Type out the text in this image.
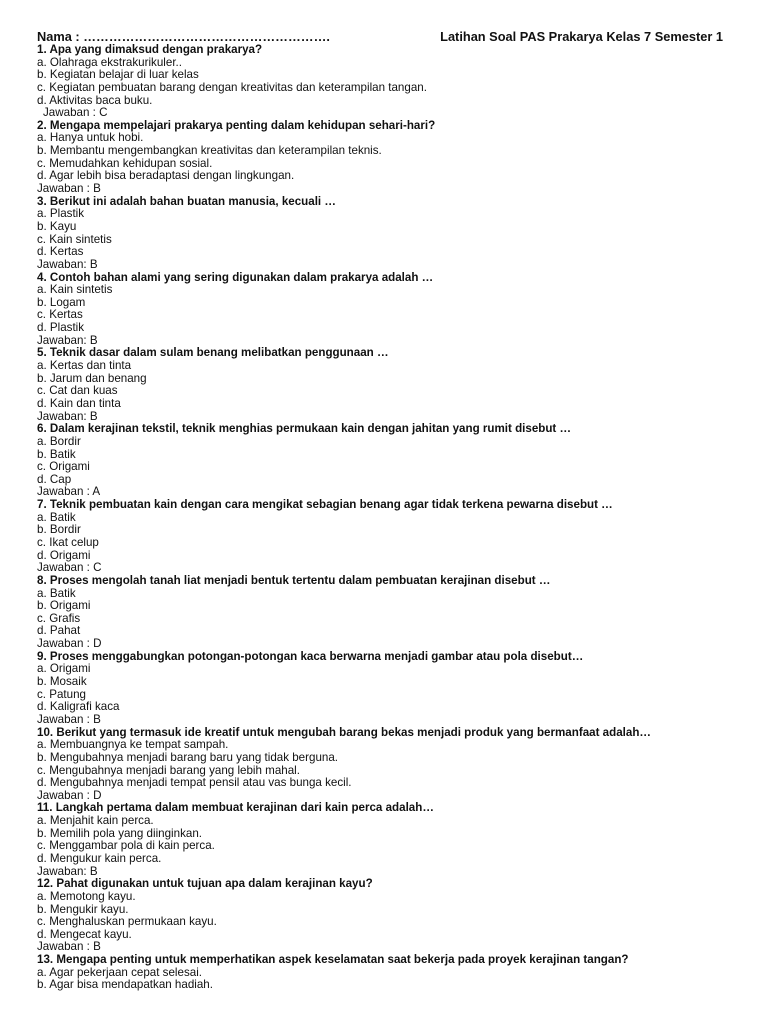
Nama : ………………………………………………….	Latihan Soal PAS Prakarya Kelas 7 Semester 1
1. Apa yang dimaksud dengan prakarya?
a. Olahraga ekstrakurikuler..
b. Kegiatan belajar di luar kelas
c. Kegiatan pembuatan barang dengan kreativitas dan keterampilan tangan.
d. Aktivitas baca buku.
Jawaban : C
2. Mengapa mempelajari prakarya penting dalam kehidupan sehari-hari?
a. Hanya untuk hobi.
b. Membantu mengembangkan kreativitas dan keterampilan teknis.
c. Memudahkan kehidupan sosial.
d. Agar lebih bisa beradaptasi dengan lingkungan.
Jawaban : B
3. Berikut ini adalah bahan buatan manusia, kecuali …
a. Plastik
b. Kayu
c. Kain sintetis
d. Kertas
Jawaban: B
4. Contoh bahan alami yang sering digunakan dalam prakarya adalah …
a. Kain sintetis
b. Logam
c. Kertas
d. Plastik
Jawaban: B
5. Teknik dasar dalam sulam benang melibatkan penggunaan …
a. Kertas dan tinta
b. Jarum dan benang
c. Cat dan kuas
d. Kain dan tinta
Jawaban: B
6. Dalam kerajinan tekstil, teknik menghias permukaan kain dengan jahitan yang rumit disebut …
a. Bordir
b. Batik
c. Origami
d. Cap
Jawaban : A
7. Teknik pembuatan kain dengan cara mengikat sebagian benang agar tidak terkena pewarna disebut …
a. Batik
b. Bordir
c. Ikat celup
d. Origami
Jawaban : C
8. Proses mengolah tanah liat menjadi bentuk tertentu dalam pembuatan kerajinan disebut …
a. Batik
b. Origami
c. Grafis
d. Pahat
Jawaban : D
9. Proses menggabungkan potongan-potongan kaca berwarna menjadi gambar atau pola disebut…
a. Origami
b. Mosaik
c. Patung
d. Kaligrafi kaca
Jawaban : B
10. Berikut yang termasuk ide kreatif untuk mengubah barang bekas menjadi produk yang bermanfaat adalah…
a. Membuangnya ke tempat sampah.
b. Mengubahnya menjadi barang baru yang tidak berguna.
c. Mengubahnya menjadi barang yang lebih mahal.
d. Mengubahnya menjadi tempat pensil atau vas bunga kecil.
Jawaban : D
11. Langkah pertama dalam membuat kerajinan dari kain perca adalah…
a. Menjahit kain perca.
b. Memilih pola yang diinginkan.
c. Menggambar pola di kain perca.
d. Mengukur kain perca.
Jawaban: B
12. Pahat digunakan untuk tujuan apa dalam kerajinan kayu?
a. Memotong kayu.
b. Mengukir kayu.
c. Menghaluskan permukaan kayu.
d. Mengecat kayu.
Jawaban : B
13. Mengapa penting untuk memperhatikan aspek keselamatan saat bekerja pada proyek kerajinan tangan?
a. Agar pekerjaan cepat selesai.
b. Agar bisa mendapatkan hadiah.
